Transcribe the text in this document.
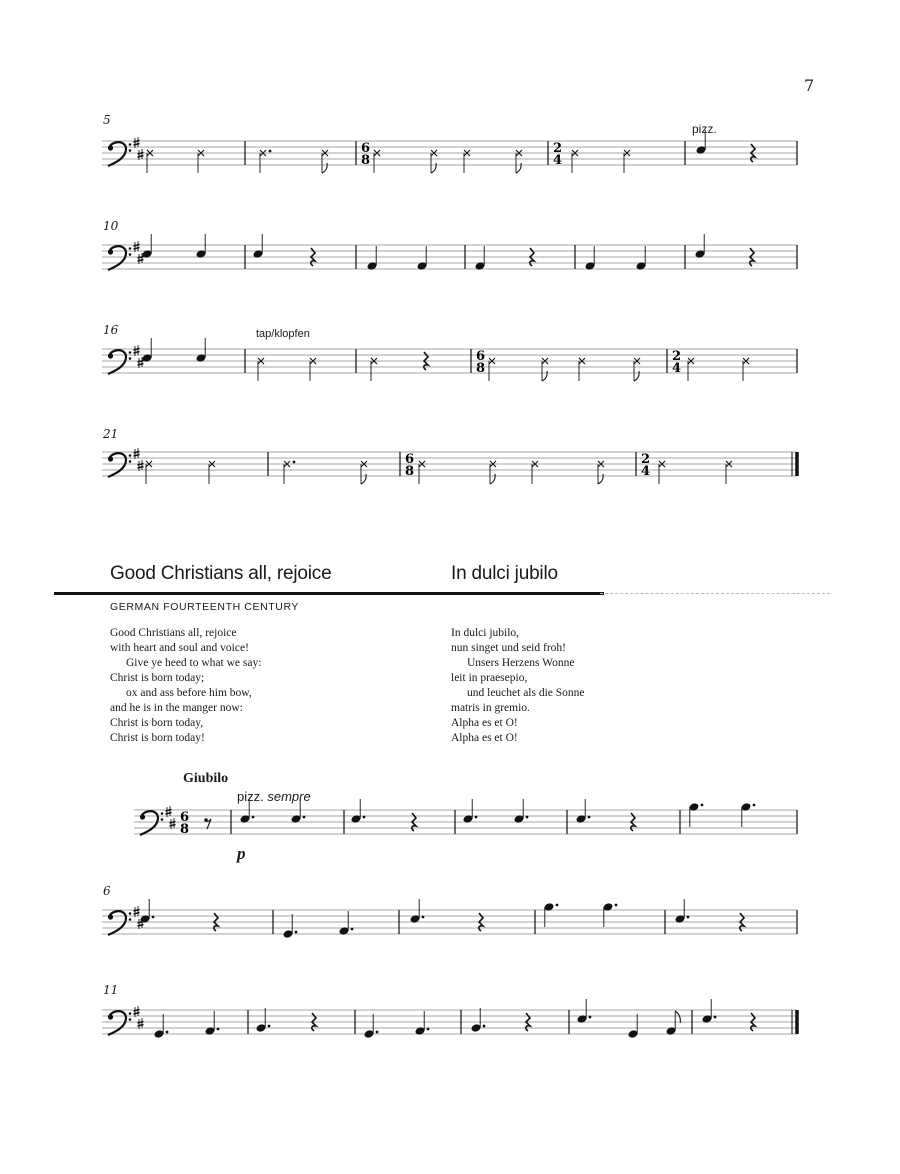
7
5
10
16
21
6
11
pizz.
tap/klopfen
6
8
2
4
6
8
2
4
6
8
2
4
6
8
Good Christians all, rejoice	In dulci jubilo
GERMAN FOURTEENTH CENTURY
Good Christians all, rejoice
with heart and soul and voice!
Give ye heed to what we say:
Christ is born today;
ox and ass before him bow,
and he is in the manger now:
Christ is born today,
Christ is born today!
In dulci jubilo,
nun singet und seid froh!
Unsers Herzens Wonne
leit in praesepio,
und leuchet als die Sonne
matris in gremio.
Alpha es et O!
Alpha es et O!
Giubilo
pizz. sempre
p
